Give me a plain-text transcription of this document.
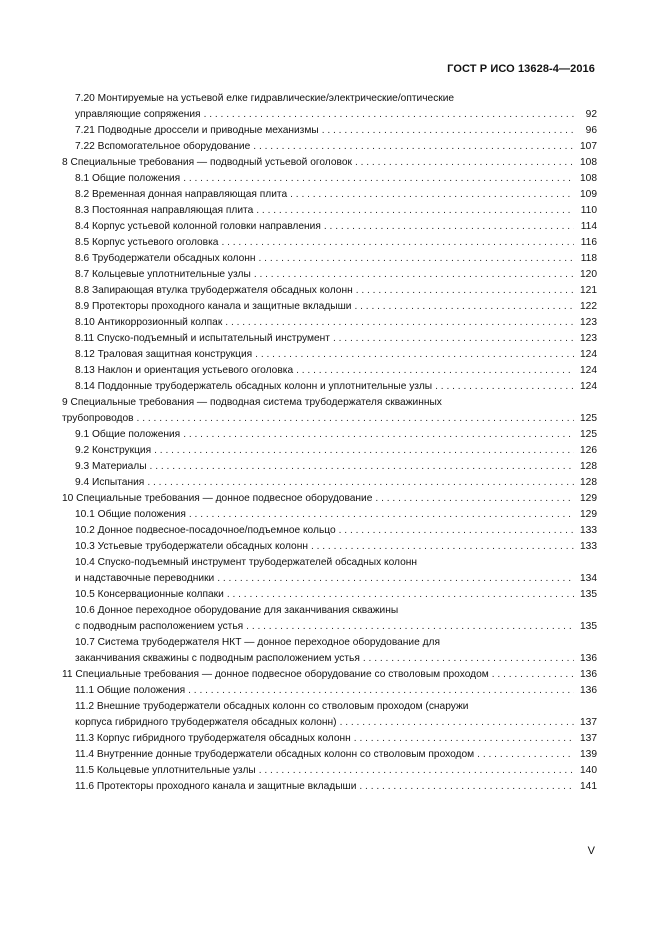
ГОСТ Р ИСО 13628-4—2016
7.20 Монтируемые на устьевой елке гидравлические/электрические/оптические
управляющие сопряжения . . .	92
7.21 Подводные дроссели и приводные механизмы . . .	96
7.22 Вспомогательное оборудование . . .	107
8 Специальные требования — подводный устьевой оголовок . . .	108
8.1 Общие положения . . .	108
8.2 Временная донная направляющая плита . . .	109
8.3 Постоянная направляющая плита . . .	110
8.4 Корпус устьевой колонной головки направления . . .	114
8.5 Корпус устьевого оголовка . . .	116
8.6 Трубодержатели обсадных колонн . . .	118
8.7 Кольцевые уплотнительные узлы . . .	120
8.8 Запирающая втулка трубодержателя обсадных колонн . . .	121
8.9 Протекторы проходного канала и защитные вкладыши . . .	122
8.10 Антикоррозионный колпак . . .	123
8.11 Спуско-подъемный и испытательный инструмент . . .	123
8.12 Траловая защитная конструкция . . .	124
8.13 Наклон и ориентация устьевого оголовка . . .	124
8.14 Поддонные трубодержатель обсадных колонн и уплотнительные узлы . . .	124
9 Специальные требования — подводная система трубодержателя скважинных
трубопроводов . . .	125
9.1 Общие положения . . .	125
9.2 Конструкция . . .	126
9.3 Материалы . . .	128
9.4 Испытания . . .	128
10 Специальные требования — донное подвесное оборудование . . .	129
10.1 Общие положения . . .	129
10.2 Донное подвесное-посадочное/подъемное кольцо . . .	133
10.3 Устьевые трубодержатели обсадных колонн . . .	133
10.4 Спуско-подъемный инструмент трубодержателей обсадных колонн
и надставочные переводники . . .	134
10.5 Консервационные колпаки . . .	135
10.6 Донное переходное оборудование для заканчивания скважины
с подводным расположением устья . . .	135
10.7 Система трубодержателя НКТ — донное переходное оборудование для
заканчивания скважины с подводным расположением устья . . .	136
11 Специальные требования — донное подвесное оборудование со стволовым проходом . . .	136
11.1 Общие положения . . .	136
11.2 Внешние трубодержатели обсадных колонн со стволовым проходом (снаружи
корпуса гибридного трубодержателя обсадных колонн) . . .	137
11.3 Корпус гибридного трубодержателя обсадных колонн . . .	137
11.4 Внутренние донные трубодержатели обсадных колонн со стволовым проходом . . .	139
11.5 Кольцевые уплотнительные узлы . . .	140
11.6 Протекторы проходного канала и защитные вкладыши . . .	141
V
